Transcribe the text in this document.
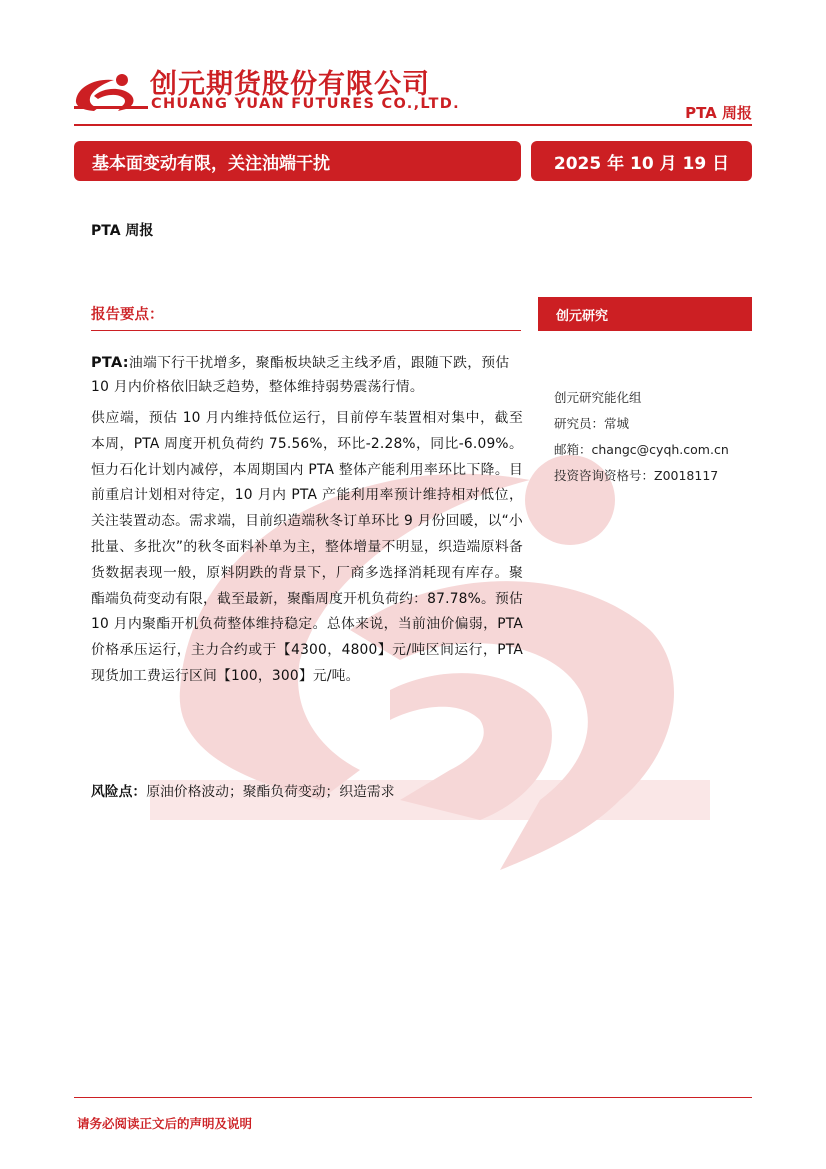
创元期货股份有限公司
CHUANG YUAN FUTURES CO.,LTD.	PTA 周报
基本面变动有限，关注油端干扰	2025 年 10 月 19 日
PTA 周报
报告要点：	创元研究
PTA:油端下行干扰增多，聚酯板块缺乏主线矛盾，跟随下跌，预估 10 月内价格依旧缺乏趋势，整体维持弱势震荡行情。
供应端，预估 10 月内维持低位运行，目前停车装置相对集中，截至本周，PTA 周度开机负荷约 75.56%，环比-2.28%，同比-6.09%。恒力石化计划内减停，本周期国内 PTA 整体产能利用率环比下降。目前重启计划相对待定，10 月内 PTA 产能利用率预计维持相对低位，关注装置动态。需求端，目前织造端秋冬订单环比 9 月份回暖，以“小批量、多批次”的秋冬面料补单为主，整体增量不明显，织造端原料备货数据表现一般，原料阴跌的背景下，厂商多选择消耗现有库存。聚酯端负荷变动有限，截至最新，聚酯周度开机负荷约：87.78%。预估 10 月内聚酯开机负荷整体维持稳定。总体来说，当前油价偏弱，PTA 价格承压运行，主力合约或于【4300，4800】元/吨区间运行，PTA 现货加工费运行区间【100，300】元/吨。
风险点：原油价格波动；聚酯负荷变动；织造需求
创元研究能化组
研究员：常城
邮箱：changc@cyqh.com.cn
投资咨询资格号：Z0018117
请务必阅读正文后的声明及说明
